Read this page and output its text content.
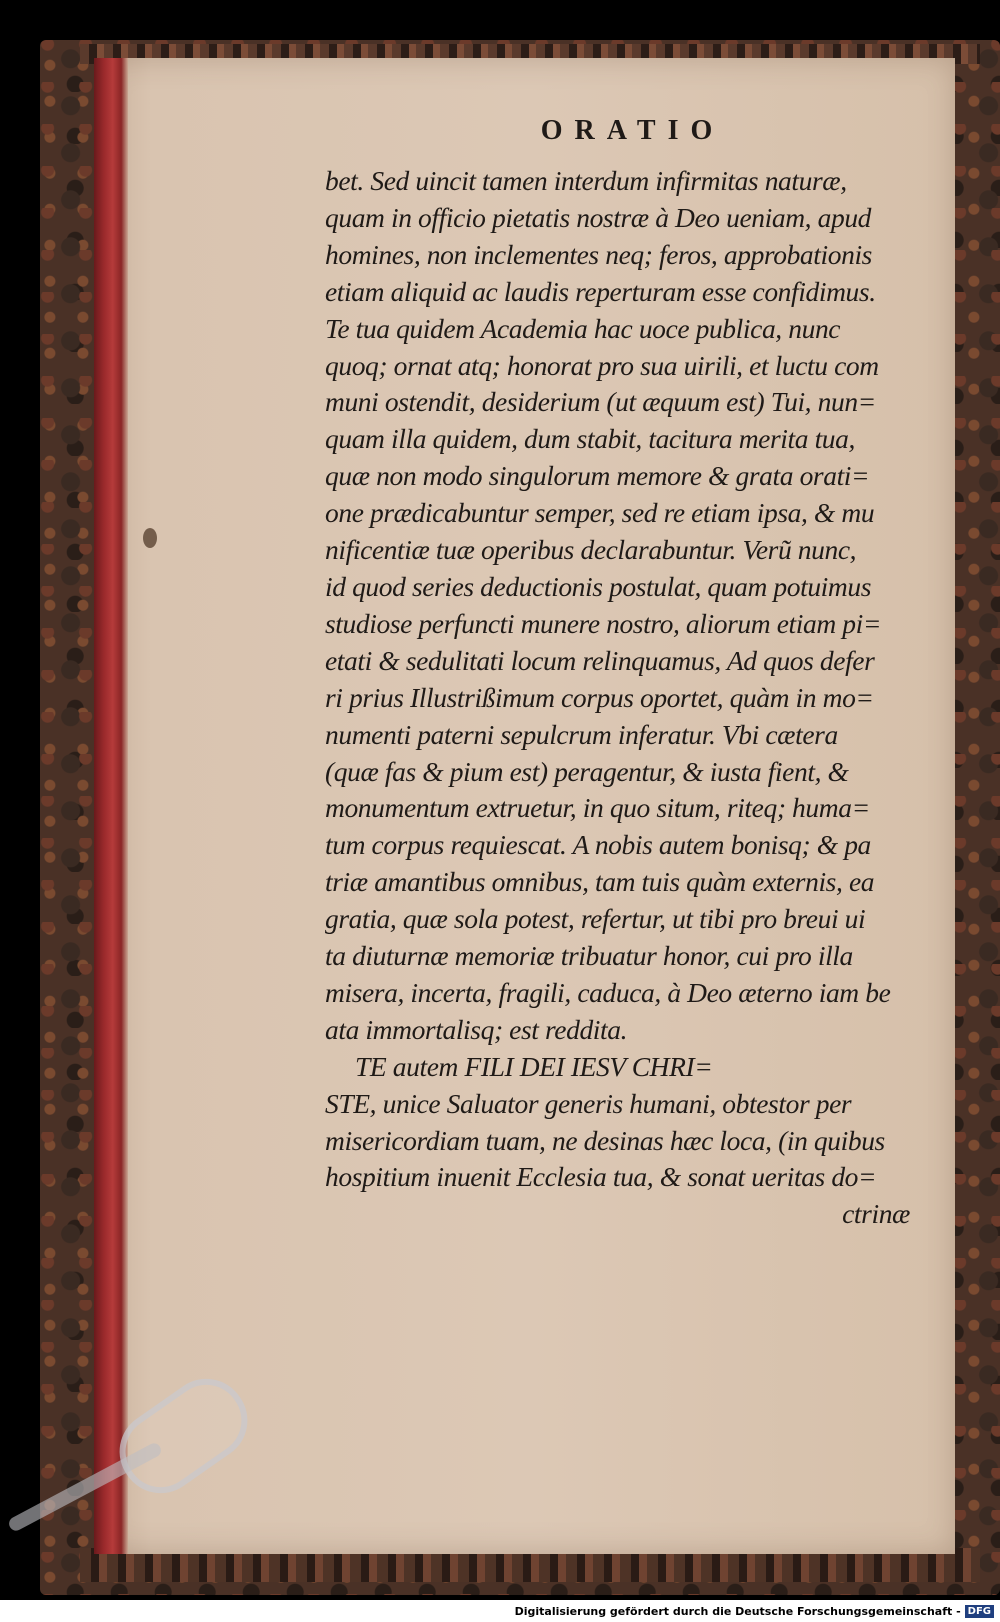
ORATIO
bet. Sed uincit tamen interdum infirmitas naturæ,
quam in officio pietatis nostræ à Deo ueniam, apud
homines, non inclementes neq; feros, approbationis
etiam aliquid ac laudis reperturam esse confidimus.
Te tua quidem Academia hac uoce publica, nunc
quoq; ornat atq; honorat pro sua uirili, et luctu com
muni ostendit, desiderium (ut æquum est) Tui, nun=
quam illa quidem, dum stabit, tacitura merita tua,
quæ non modo singulorum memore & grata orati=
one prædicabuntur semper, sed re etiam ipsa, & mu
nificentiæ tuæ operibus declarabuntur. Verũ nunc,
id quod series deductionis postulat, quam potuimus
studiose perfuncti munere nostro, aliorum etiam pi=
etati & sedulitati locum relinquamus, Ad quos defer
ri prius Illustrißimum corpus oportet, quàm in mo=
numenti paterni sepulcrum inferatur. Vbi cætera
(quæ fas & pium est) peragentur, & iusta fient, &
monumentum extruetur, in quo situm, riteq; huma=
tum corpus requiescat. A nobis autem bonisq; & pa
triæ amantibus omnibus, tam tuis quàm externis, ea
gratia, quæ sola potest, refertur, ut tibi pro breui ui
ta diuturnæ memoriæ tribuatur honor, cui pro illa
misera, incerta, fragili, caduca, à Deo æterno iam be
ata immortalisq; est reddita.
TE autem FILI DEI IESV CHRI=
STE, unice Saluator generis humani, obtestor per
misericordiam tuam, ne desinas hæc loca, (in quibus
hospitium inuenit Ecclesia tua, & sonat ueritas do=
ctrinæ
Digitalisierung gefördert durch die Deutsche Forschungsgemeinschaft - DFG
